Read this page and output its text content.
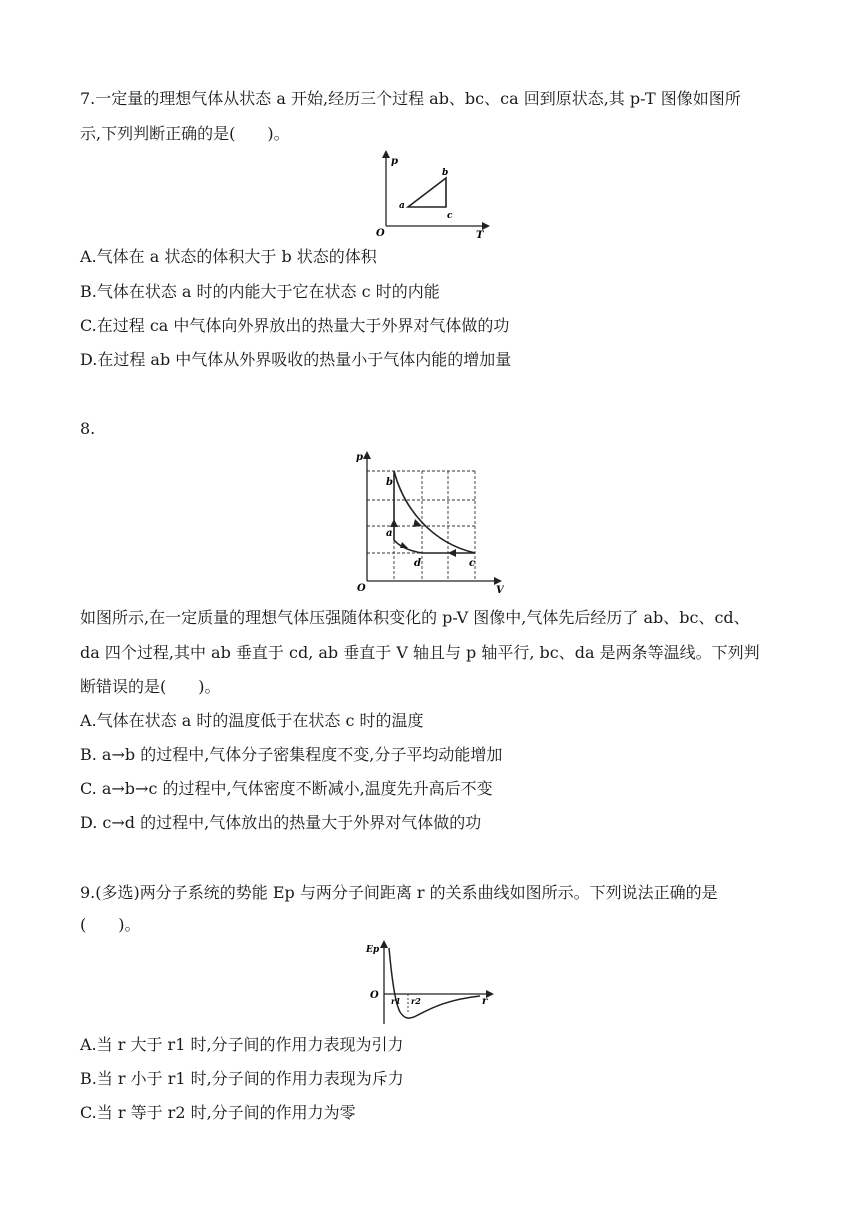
7.一定量的理想气体从状态 a 开始,经历三个过程 ab、bc、ca 回到原状态,其 p-T 图像如图所
示,下列判断正确的是(　　)。
p
T
O
a
b
c
A.气体在 a 状态的体积大于 b 状态的体积
B.气体在状态 a 时的内能大于它在状态 c 时的内能
C.在过程 ca 中气体向外界放出的热量大于外界对气体做的功
D.在过程 ab 中气体从外界吸收的热量小于气体内能的增加量
8.
p
V
O
a
b
c
d
如图所示,在一定质量的理想气体压强随体积变化的 p-V 图像中,气体先后经历了 ab、bc、cd、
da 四个过程,其中 ab 垂直于 cd, ab 垂直于 V 轴且与 p 轴平行, bc、da 是两条等温线。下列判
断错误的是(　　)。
A.气体在状态 a 时的温度低于在状态 c 时的温度
B. a→b 的过程中,气体分子密集程度不变,分子平均动能增加
C. a→b→c 的过程中,气体密度不断减小,温度先升高后不变
D. c→d 的过程中,气体放出的热量大于外界对气体做的功
9.(多选)两分子系统的势能 Ep 与两分子间距离 r 的关系曲线如图所示。下列说法正确的是
(　　)。
Ep
O
r
r1 r2
A.当 r 大于 r1 时,分子间的作用力表现为引力
B.当 r 小于 r1 时,分子间的作用力表现为斥力
C.当 r 等于 r2 时,分子间的作用力为零
